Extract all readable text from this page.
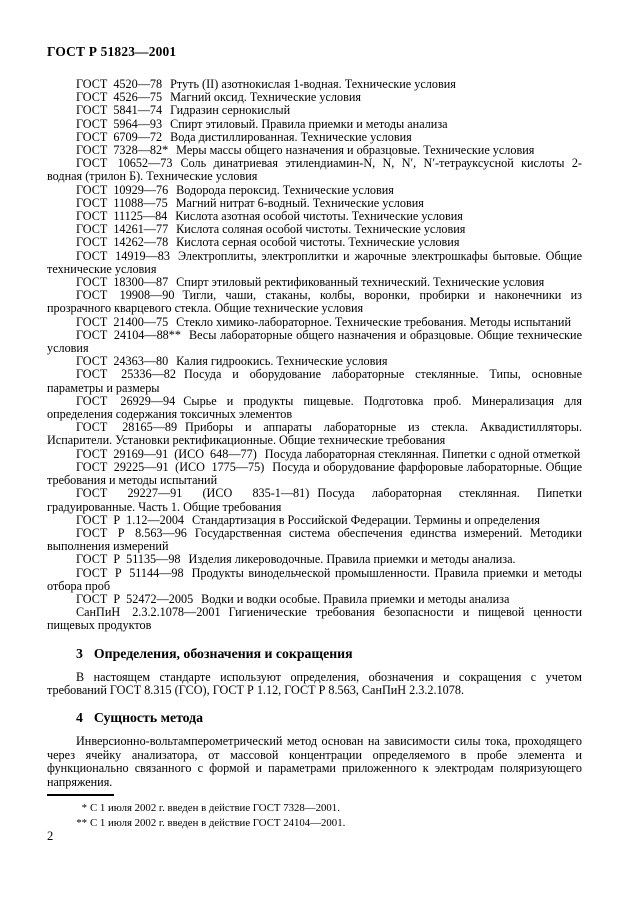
ГОСТ Р 51823—2001

ГОСТ 4520—78 Ртуть (II) азотнокислая 1-водная. Технические условия

ГОСТ 4526—75 Магний оксид. Технические условия

ГОСТ 5841—74 Гидразин сернокислый

ГОСТ 5964—93 Спирт этиловый. Правила приемки и методы анализа

ГОСТ 6709—72 Вода дистиллированная. Технические условия

ГОСТ 7328—82* Меры массы общего назначения и образцовые. Технические условия

ГОСТ 10652—73 Соль динатриевая этилендиамин-N, N, N′, N′-тетрауксусной кислоты 2-водная (трилон Б). Технические условия

ГОСТ 10929—76 Водорода пероксид. Технические условия

ГОСТ 11088—75 Магний нитрат 6-водный. Технические условия

ГОСТ 11125—84 Кислота азотная особой чистоты. Технические условия

ГОСТ 14261—77 Кислота соляная особой чистоты. Технические условия

ГОСТ 14262—78 Кислота серная особой чистоты. Технические условия

ГОСТ 14919—83 Электроплиты, электроплитки и жарочные электрошкафы бытовые. Общие технические условия

ГОСТ 18300—87 Спирт этиловый ректификованный технический. Технические условия

ГОСТ 19908—90 Тигли, чаши, стаканы, колбы, воронки, пробирки и наконечники из прозрачного кварцевого стекла. Общие технические условия

ГОСТ 21400—75 Стекло химико-лабораторное. Технические требования. Методы испытаний

ГОСТ 24104—88** Весы лабораторные общего назначения и образцовые. Общие технические условия

ГОСТ 24363—80 Калия гидроокись. Технические условия

ГОСТ 25336—82 Посуда и оборудование лабораторные стеклянные. Типы, основные параметры и размеры

ГОСТ 26929—94 Сырье и продукты пищевые. Подготовка проб. Минерализация для определения содержания токсичных элементов

ГОСТ 28165—89 Приборы и аппараты лабораторные из стекла. Аквадистилляторы. Испарители. Установки ректификационные. Общие технические требования

ГОСТ 29169—91 (ИСО 648—77) Посуда лабораторная стеклянная. Пипетки с одной отметкой

ГОСТ 29225—91 (ИСО 1775—75) Посуда и оборудование фарфоровые лабораторные. Общие требования и методы испытаний

ГОСТ 29227—91 (ИСО 835-1—81) Посуда лабораторная стеклянная. Пипетки градуированные. Часть 1. Общие требования

ГОСТ Р 1.12—2004 Стандартизация в Российской Федерации. Термины и определения

ГОСТ Р 8.563—96 Государственная система обеспечения единства измерений. Методики выполнения измерений

ГОСТ Р 51135—98 Изделия ликероводочные. Правила приемки и методы анализа.

ГОСТ Р 51144—98 Продукты винодельческой промышленности. Правила приемки и методы отбора проб

ГОСТ Р 52472—2005 Водки и водки особые. Правила приемки и методы анализа

СанПиН 2.3.2.1078—2001 Гигиенические требования безопасности и пищевой ценности пищевых продуктов

3 Определения, обозначения и сокращения

В настоящем стандарте используют определения, обозначения и сокращения с учетом требований ГОСТ 8.315 (ГСО), ГОСТ Р 1.12, ГОСТ Р 8.563, СанПиН 2.3.2.1078.

4 Сущность метода

Инверсионно-вольтамперометрический метод основан на зависимости силы тока, проходящего через ячейку анализатора, от массовой концентрации определяемого в пробе элемента и функционально связанного с формой и параметрами приложенного к электродам поляризующего напряжения.

* С 1 июля 2002 г. введен в действие ГОСТ 7328—2001.

** С 1 июля 2002 г. введен в действие ГОСТ 24104—2001.

2
